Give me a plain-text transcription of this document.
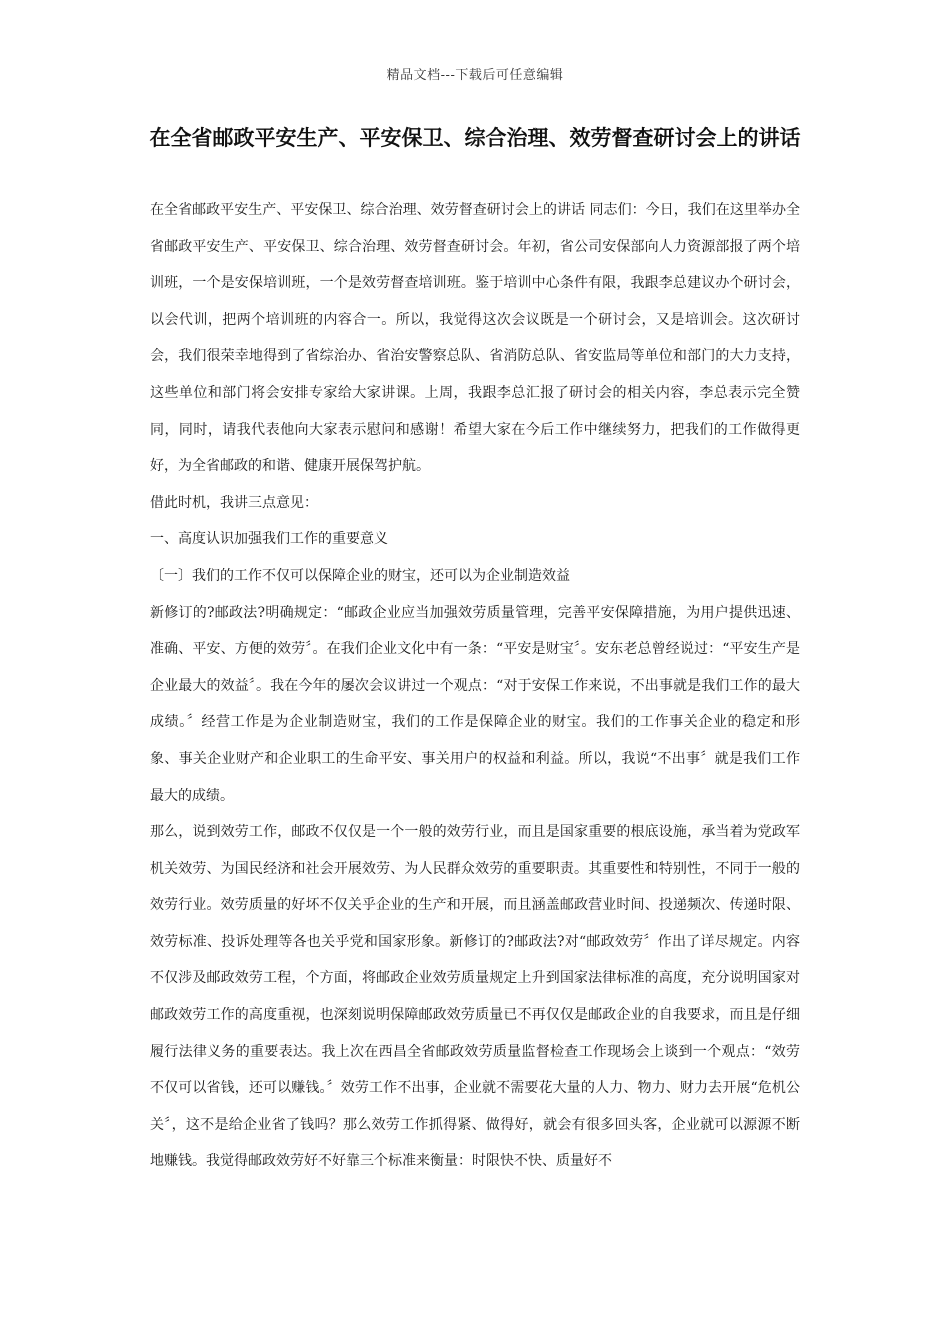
精品文档---下载后可任意编辑
在全省邮政平安生产、平安保卫、综合治理、效劳督查研讨会上的讲话

在全省邮政平安生产、平安保卫、综合治理、效劳督查研讨会上的讲话 同志们：今日，我们在这里举办全省邮政平安生产、平安保卫、综合治理、效劳督查研讨会。年初，省公司安保部向人力资源部报了两个培训班，一个是安保培训班，一个是效劳督查培训班。鉴于培训中心条件有限，我跟李总建议办个研讨会，以会代训，把两个培训班的内容合一。所以，我觉得这次会议既是一个研讨会，又是培训会。这次研讨会，我们很荣幸地得到了省综治办、省治安警察总队、省消防总队、省安监局等单位和部门的大力支持，这些单位和部门将会安排专家给大家讲课。上周，我跟李总汇报了研讨会的相关内容，李总表示完全赞同，同时，请我代表他向大家表示慰问和感谢！希望大家在今后工作中继续努力，把我们的工作做得更好，为全省邮政的和谐、健康开展保驾护航。

借此时机，我讲三点意见：

一、高度认识加强我们工作的重要意义

〔一〕我们的工作不仅可以保障企业的财宝，还可以为企业制造效益

新修订的?邮政法?明确规定：“邮政企业应当加强效劳质量管理，完善平安保障措施，为用户提供迅速、准确、平安、方便的效劳〞。在我们企业文化中有一条：“平安是财宝〞。安东老总曾经说过：“平安生产是企业最大的效益〞。我在今年的屡次会议讲过一个观点：“对于安保工作来说，不出事就是我们工作的最大成绩。〞经营工作是为企业制造财宝，我们的工作是保障企业的财宝。我们的工作事关企业的稳定和形象、事关企业财产和企业职工的生命平安、事关用户的权益和利益。所以，我说“不出事〞就是我们工作最大的成绩。

那么，说到效劳工作，邮政不仅仅是一个一般的效劳行业，而且是国家重要的根底设施，承当着为党政军机关效劳、为国民经济和社会开展效劳、为人民群众效劳的重要职责。其重要性和特别性，不同于一般的效劳行业。效劳质量的好坏不仅关乎企业的生产和开展，而且涵盖邮政营业时间、投递频次、传递时限、效劳标准、投诉处理等各也关乎党和国家形象。新修订的?邮政法?对“邮政效劳〞作出了详尽规定。内容不仅涉及邮政效劳工程，个方面，将邮政企业效劳质量规定上升到国家法律标准的高度，充分说明国家对邮政效劳工作的高度重视，也深刻说明保障邮政效劳质量已不再仅仅是邮政企业的自我要求，而且是仔细履行法律义务的重要表达。我上次在西昌全省邮政效劳质量监督检查工作现场会上谈到一个观点：“效劳不仅可以省钱，还可以赚钱。〞效劳工作不出事，企业就不需要花大量的人力、物力、财力去开展“危机公关〞，这不是给企业省了钱吗？那么效劳工作抓得紧、做得好，就会有很多回头客，企业就可以源源不断地赚钱。我觉得邮政效劳好不好靠三个标准来衡量：时限快不快、质量好不
